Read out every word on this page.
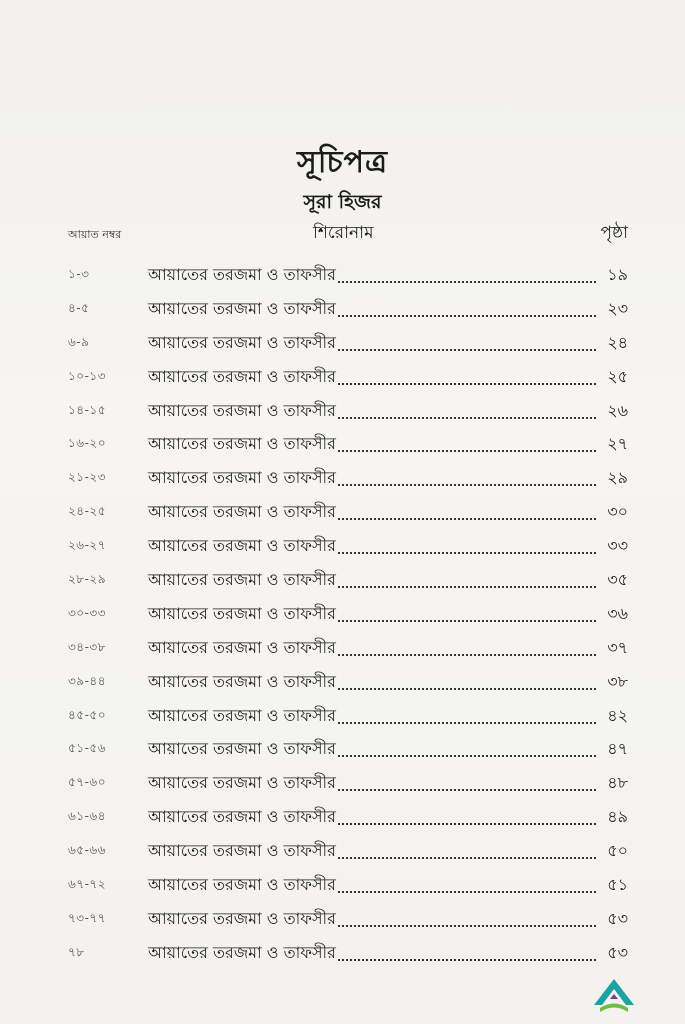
সূচিপত্র
সূরা হিজর
আয়াত নম্বর	শিরোনাম	পৃষ্ঠা
১-৩	আয়াতের তরজমা ও তাফসীর	১৯
৪-৫	আয়াতের তরজমা ও তাফসীর	২৩
৬-৯	আয়াতের তরজমা ও তাফসীর	২৪
১০-১৩	আয়াতের তরজমা ও তাফসীর	২৫
১৪-১৫	আয়াতের তরজমা ও তাফসীর	২৬
১৬-২০	আয়াতের তরজমা ও তাফসীর	২৭
২১-২৩	আয়াতের তরজমা ও তাফসীর	২৯
২৪-২৫	আয়াতের তরজমা ও তাফসীর	৩০
২৬-২৭	আয়াতের তরজমা ও তাফসীর	৩৩
২৮-২৯	আয়াতের তরজমা ও তাফসীর	৩৫
৩০-৩৩	আয়াতের তরজমা ও তাফসীর	৩৬
৩৪-৩৮	আয়াতের তরজমা ও তাফসীর	৩৭
৩৯-৪৪	আয়াতের তরজমা ও তাফসীর	৩৮
৪৫-৫০	আয়াতের তরজমা ও তাফসীর	৪২
৫১-৫৬	আয়াতের তরজমা ও তাফসীর	৪৭
৫৭-৬০	আয়াতের তরজমা ও তাফসীর	৪৮
৬১-৬৪	আয়াতের তরজমা ও তাফসীর	৪৯
৬৫-৬৬	আয়াতের তরজমা ও তাফসীর	৫০
৬৭-৭২	আয়াতের তরজমা ও তাফসীর	৫১
৭৩-৭৭	আয়াতের তরজমা ও তাফসীর	৫৩
৭৮	আয়াতের তরজমা ও তাফসীর	৫৩
